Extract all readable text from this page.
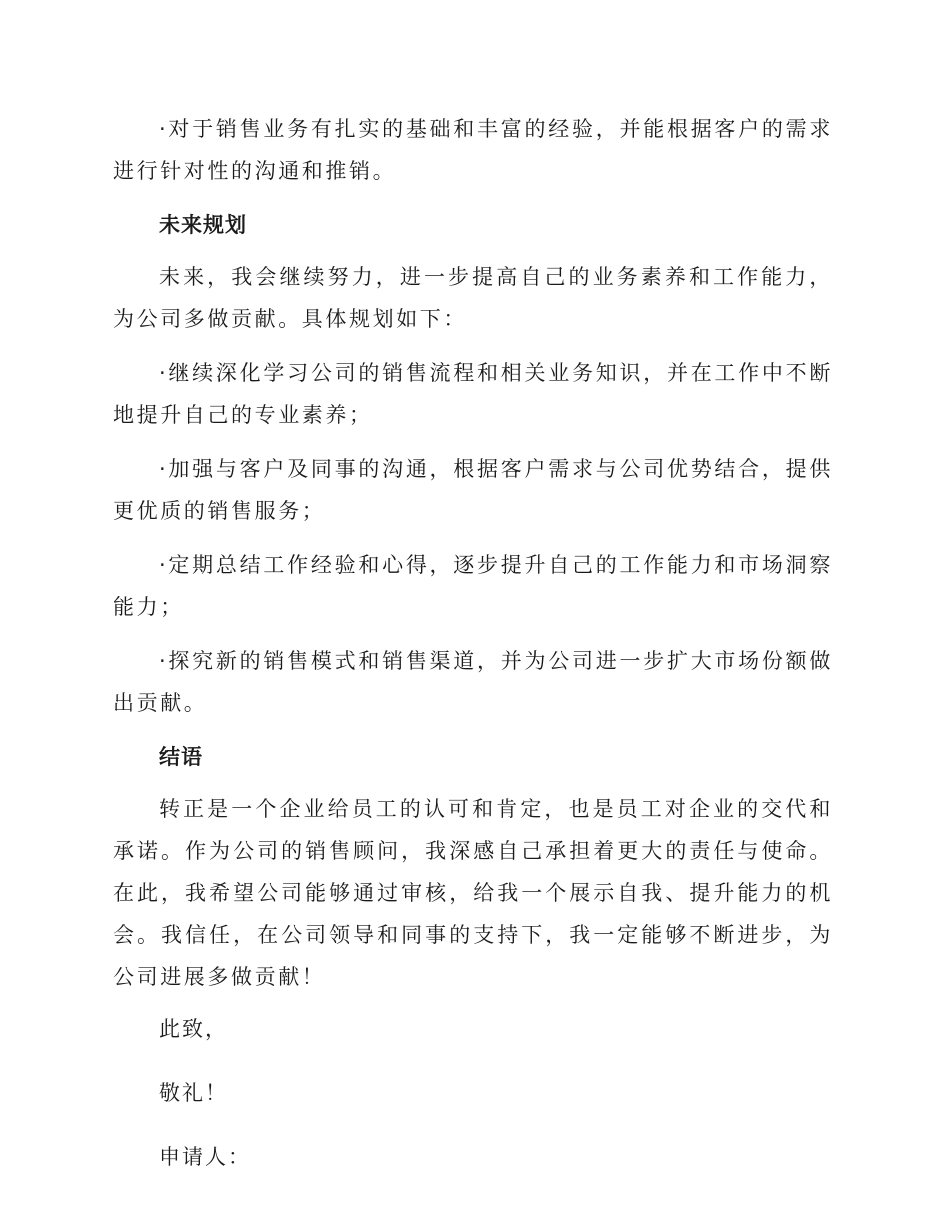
·对于销售业务有扎实的基础和丰富的经验，并能根据客户的需求进行针对性的沟通和推销。

未来规划

未来，我会继续努力，进一步提高自己的业务素养和工作能力，为公司多做贡献。具体规划如下：

·继续深化学习公司的销售流程和相关业务知识，并在工作中不断地提升自己的专业素养；

·加强与客户及同事的沟通，根据客户需求与公司优势结合，提供更优质的销售服务；

·定期总结工作经验和心得，逐步提升自己的工作能力和市场洞察能力；

·探究新的销售模式和销售渠道，并为公司进一步扩大市场份额做出贡献。

结语

转正是一个企业给员工的认可和肯定，也是员工对企业的交代和承诺。作为公司的销售顾问，我深感自己承担着更大的责任与使命。在此，我希望公司能够通过审核，给我一个展示自我、提升能力的机会。我信任，在公司领导和同事的支持下，我一定能够不断进步，为公司进展多做贡献！

此致，

敬礼！

申请人：
